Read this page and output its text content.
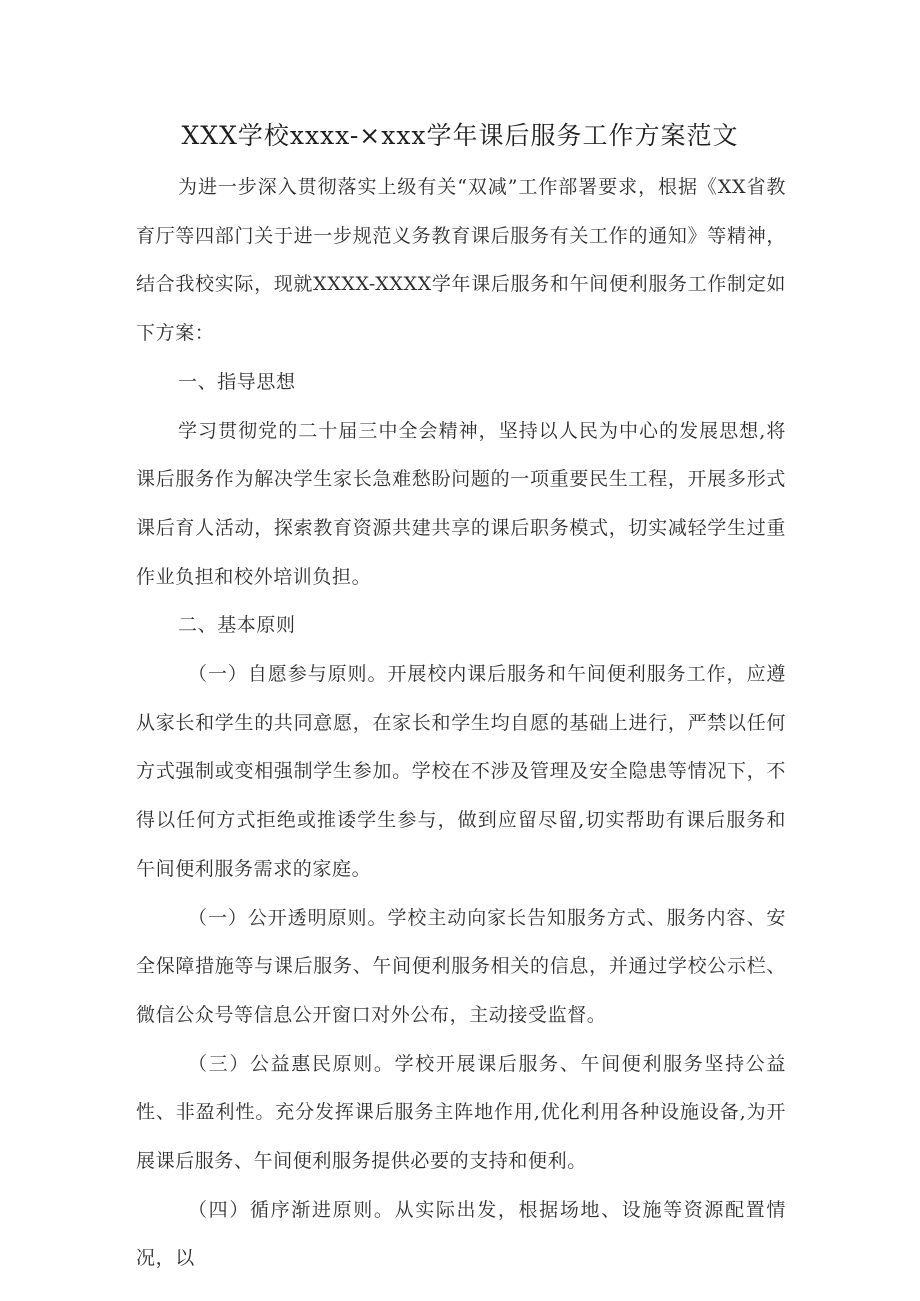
XXX学校xxxx-×xxx学年课后服务工作方案范文

为进一步深入贯彻落实上级有关“双减”工作部署要求，根据《XX省教育厅等四部门关于进一步规范义务教育课后服务有关工作的通知》等精神，结合我校实际，现就XXXX-XXXX学年课后服务和午间便利服务工作制定如下方案：

一、指导思想

学习贯彻党的二十届三中全会精神，坚持以人民为中心的发展思想,将课后服务作为解决学生家长急难愁盼问题的一项重要民生工程，开展多形式课后育人活动，探索教育资源共建共享的课后职务模式，切实减轻学生过重作业负担和校外培训负担。

二、基本原则

（一）自愿参与原则。开展校内课后服务和午间便利服务工作，应遵从家长和学生的共同意愿，在家长和学生均自愿的基础上进行，严禁以任何方式强制或变相强制学生参加。学校在不涉及管理及安全隐患等情况下，不得以任何方式拒绝或推诿学生参与，做到应留尽留,切实帮助有课后服务和午间便利服务需求的家庭。

（一）公开透明原则。学校主动向家长告知服务方式、服务内容、安全保障措施等与课后服务、午间便利服务相关的信息，并通过学校公示栏、微信公众号等信息公开窗口对外公布，主动接受监督。

（三）公益惠民原则。学校开展课后服务、午间便利服务坚持公益性、非盈利性。充分发挥课后服务主阵地作用,优化利用各种设施设备,为开展课后服务、午间便利服务提供必要的支持和便利。

（四）循序渐进原则。从实际出发，根据场地、设施等资源配置情况，以
